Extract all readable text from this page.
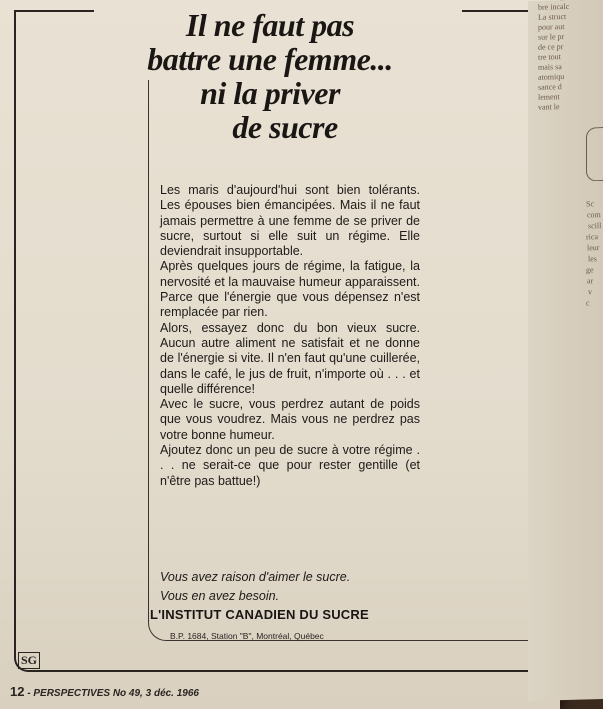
Il ne faut pas
battre une femme...
ni la priver
de sucre

Les maris d'aujourd'hui sont bien tolérants. Les épouses bien émancipées. Mais il ne faut jamais permettre à une femme de se priver de sucre, surtout si elle suit un régime. Elle deviendrait insupportable.

Après quelques jours de régime, la fatigue, la nervosité et la mauvaise humeur apparaissent. Parce que l'énergie que vous dépensez n'est remplacée par rien.

Alors, essayez donc du bon vieux sucre. Aucun autre aliment ne satisfait et ne donne de l'énergie si vite. Il n'en faut qu'une cuillerée, dans le café, le jus de fruit, n'importe où . . . et quelle différence!

Avec le sucre, vous perdrez autant de poids que vous voudrez. Mais vous ne perdrez pas votre bonne humeur.

Ajoutez donc un peu de sucre à votre régime . . . ne serait-ce que pour rester gentille (et n'être pas battue!)

Vous avez raison d'aimer le sucre.
Vous en avez besoin.
L'INSTITUT CANADIEN DU SUCRE
B.P. 1684, Station "B", Montréal, Québec
SG
12 - PERSPECTIVES No 49, 3 déc. 1966
bre incalc
La struct
pour aut
sur le pr
de ce pr
tre tout
mais sa
atomiqu
sance d
lement
vant le
Sc
com
scill
rica
leur
les
ge
ar
v
c
